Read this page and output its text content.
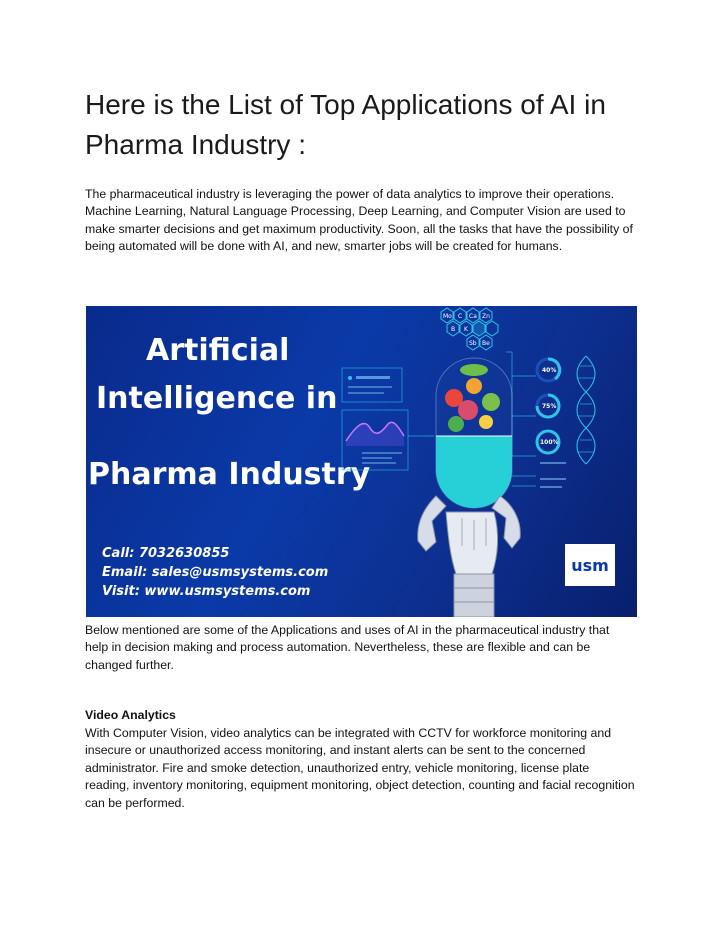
Here is the List of Top Applications of AI in Pharma Industry :

The pharmaceutical industry is leveraging the power of data analytics to improve their operations. Machine Learning, Natural Language Processing, Deep Learning, and Computer Vision are used to make smarter decisions and get maximum productivity. Soon, all the tasks that have the possibility of being automated will be done with AI, and new, smarter jobs will be created for humans.

Artificial
Intelligence in
Pharma Industry
Mo C Ca Zn
B K
Sb Be
40%
75%
100%
Call: 7032630855
Email: sales@usmsystems.com
Visit: www.usmsystems.com
usm

Below mentioned are some of the Applications and uses of AI in the pharmaceutical industry that help in decision making and process automation. Nevertheless, these are flexible and can be changed further.

Video Analytics

With Computer Vision, video analytics can be integrated with CCTV for workforce monitoring and insecure or unauthorized access monitoring, and instant alerts can be sent to the concerned administrator. Fire and smoke detection, unauthorized entry, vehicle monitoring, license plate reading, inventory monitoring, equipment monitoring, object detection, counting and facial recognition can be performed.
